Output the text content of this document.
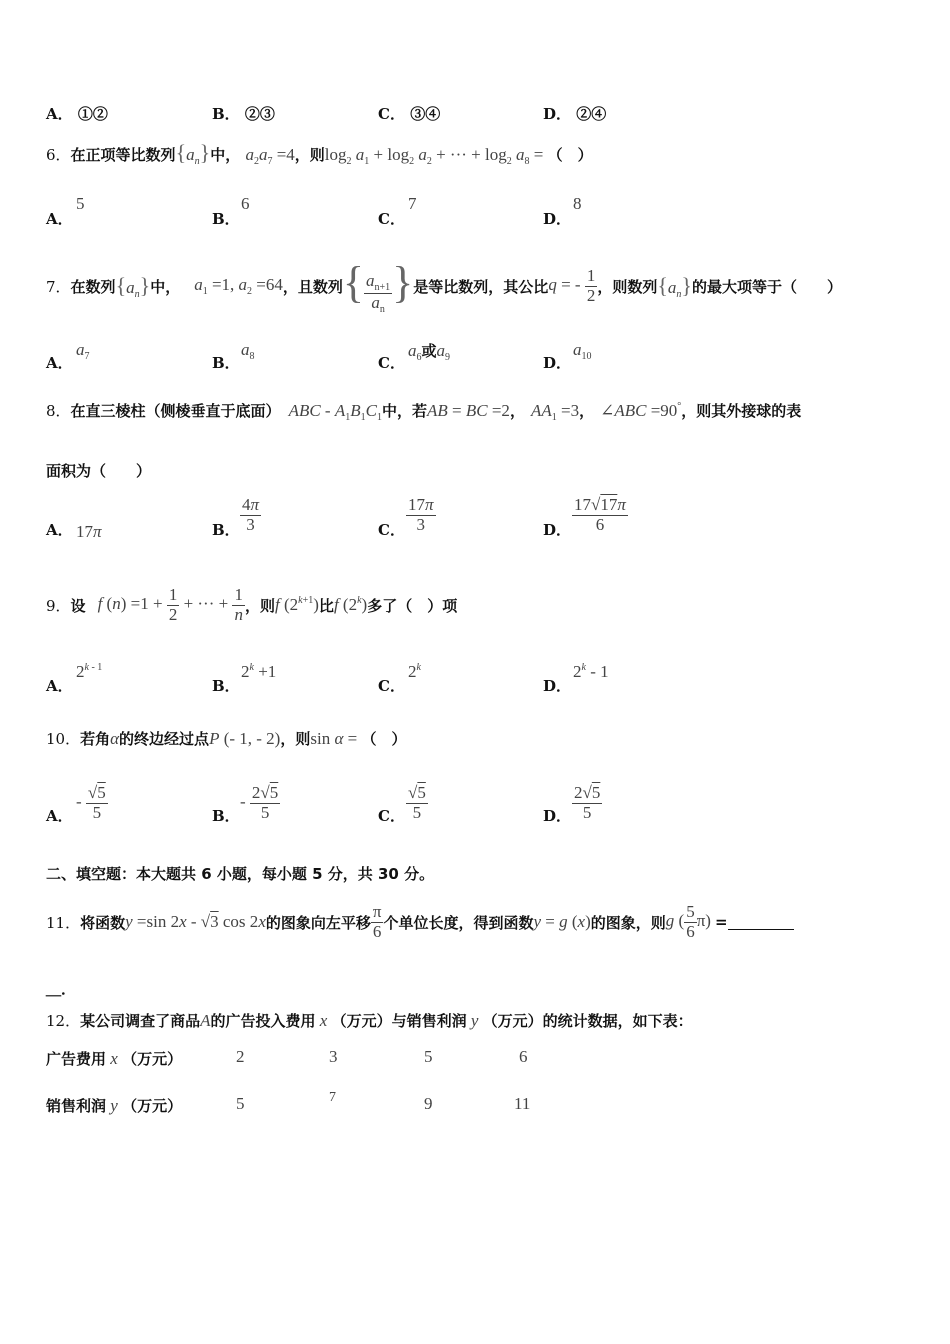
A． ①②	B． ②③	C． ③④	D． ②④
6．在正项等比数列$\{a_n\}$中， $a_2a_7 =4$，则$\log_2 a_1 + \log_2 a_2$ + ··· + $\log_2 a_8$ = （　）
A．
5
B．
6
C．
7
D．
8
7． 在数列 $\{a_n\}$ 中， $a_1 =1$, $a_2 =64$ ，且数列 { $\frac{a_{n+1}}{a_n}$ } 是等比数列，其公比 q = - $\frac{1}{2}$ ，则数列 $\{a_n\}$ 的最大项等于（　　）
A．
$a_7$	B．
$a_8$	C．
$a_6$或$a_9$	D．
$a_{10}$
8．在直三棱柱（侧棱垂直于底面） ABC - $A_1B_1C_1$中，若AB = BC =2， $AA_1 =3$， ∠ABC =90°，则其外接球的表
面积为（　　）
A． 17π	B． $\frac{4\pi}{3}$	C． $\frac{17\pi}{3}$	D． $\frac{17√17\pi}{6}$
9． 设 f $(n) =1 + \frac{1}{2}$ + ··· + $\frac{1}{n}$ ，则 f $(2^{k+1})$ 比 f (2$^k$) 多了（　）项
A．
2$^{k - 1}$
B．
$2^k +1$
C．
2$^k$
D．
2$^k$ - 1
10．若角α的终边经过点P (- 1, - 2)，则sin α = （　）
A．
- $\frac{√5}{5}$	B．
- $\frac{2√5}{5}$	C． $\frac{√5}{5}$	D． $\frac{2√5}{5}$
二、填空题：本大题共 6 小题，每小题 5 分，共 30 分。
11． 将函数 y =sin 2x - √3 cos 2x 的图象向左平移 $\frac{\pi}{6}$ 个单位长度，得到函数 y = g (x) 的图象，则 g ( $\frac{5}{6} \pi$) =
＿．
12．某公司调查了商品A的广告投入费用 x （万元）与销售利润 y （万元）的统计数据，如下表：
广告费用 x （万元）	2	3	5	6
销售利润 y （万元）	5	7	9	11
